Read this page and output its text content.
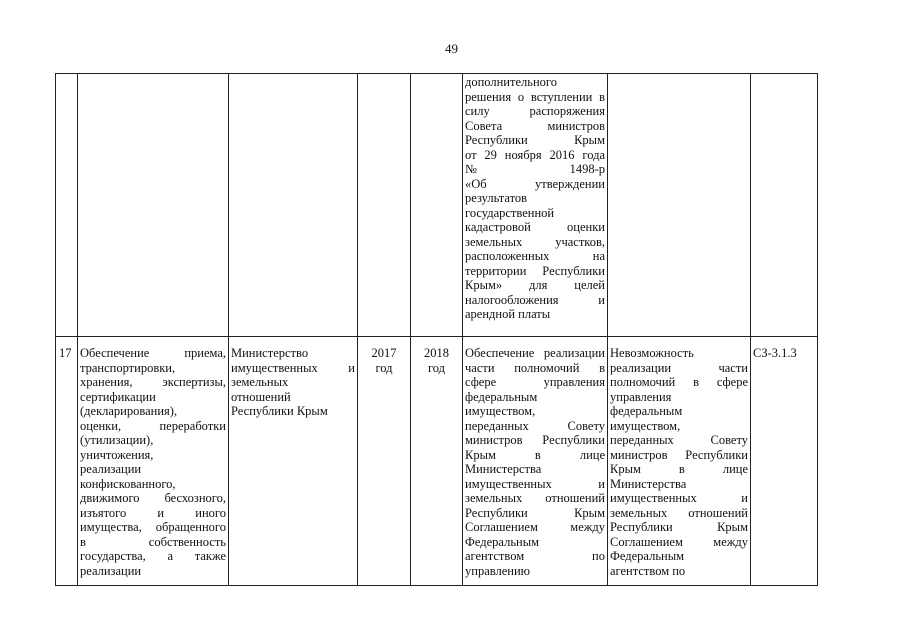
49
дополнительного
решения о вступлении в
силу распоряжения
Совета министров
Республики Крым
от 29 ноября 2016 года
№ 1498-р
«Об утверждении
результатов
государственной
кадастровой оценки
земельных участков,
расположенных на
территории Республики
Крым» для целей
налогообложения и
арендной платы
17 Обеспечение приема,
транспортировки,
хранения, экспертизы,
сертификации
(декларирования),
оценки, переработки
(утилизации),
уничтожения,
реализации
конфискованного,
движимого бесхозного,
изъятого и иного
имущества, обращенного
в собственность
государства, а также
реализации
Министерство
имущественных и
земельных
отношений
Республики Крым
2017
год
2018
год
Обеспечение реализации
части полномочий в
сфере управления
федеральным
имуществом,
переданных Совету
министров Республики
Крым в лице
Министерства
имущественных и
земельных отношений
Республики Крым
Соглашением между
Федеральным
агентством по
управлению
Невозможность
реализации части
полномочий в сфере
управления
федеральным
имуществом,
переданных Совету
министров Республики
Крым в лице
Министерства
имущественных и
земельных отношений
Республики Крым
Соглашением между
Федеральным
агентством по
СЗ-3.1.3
